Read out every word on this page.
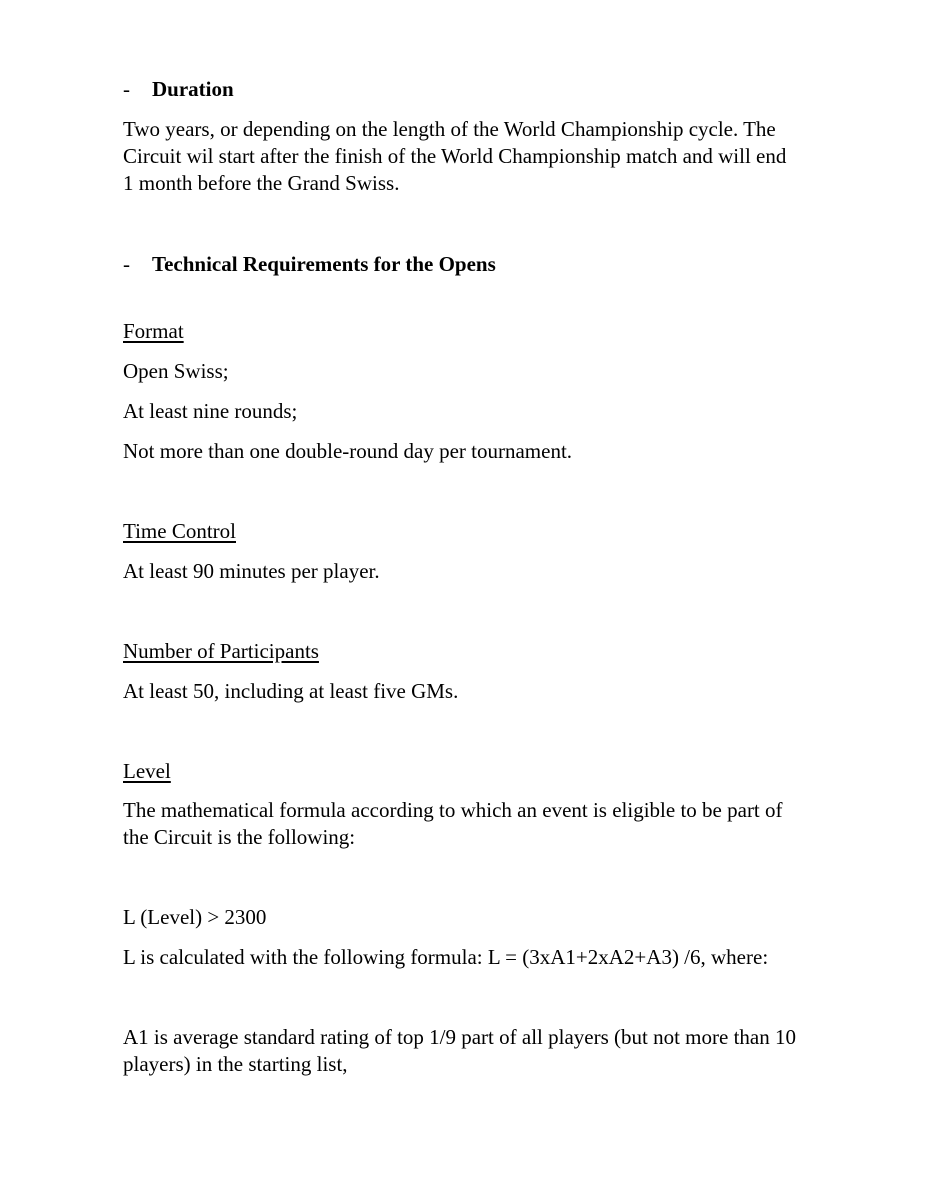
- Duration
Two years, or depending on the length of the World Championship cycle. The
Circuit wil start after the finish of the World Championship match and will end
1 month before the Grand Swiss.
- Technical Requirements for the Opens
Format
Open Swiss;
At least nine rounds;
Not more than one double-round day per tournament.
Time Control
At least 90 minutes per player.
Number of Participants
At least 50, including at least five GMs.
Level
The mathematical formula according to which an event is eligible to be part of
the Circuit is the following:
L (Level) > 2300
L is calculated with the following formula: L = (3xA1+2xA2+A3) /6, where:
A1 is average standard rating of top 1/9 part of all players (but not more than 10
players) in the starting list,
